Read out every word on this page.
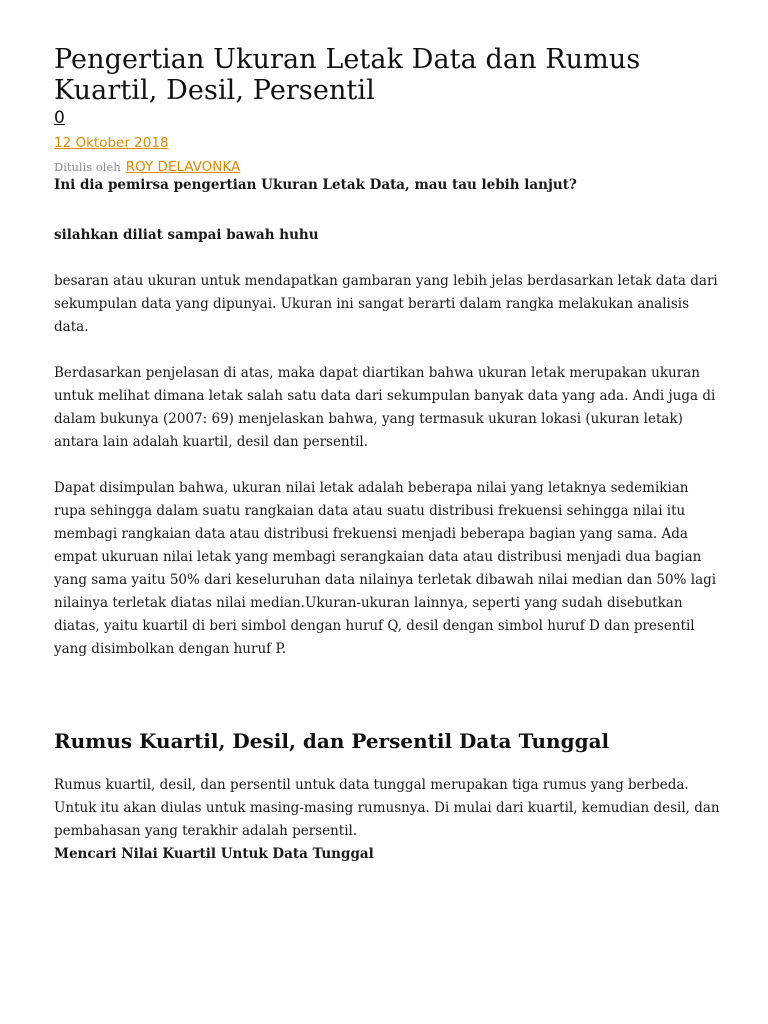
Pengertian Ukuran Letak Data dan Rumus Kuartil, Desil, Persentil
0
12 Oktober 2018
Ditulis oleh ROY DELAVONKA

Ini dia pemirsa pengertian Ukuran Letak Data, mau tau lebih lanjut?

silahkan diliat sampai bawah huhu

besaran atau ukuran untuk mendapatkan gambaran yang lebih jelas berdasarkan letak data dari sekumpulan data yang dipunyai. Ukuran ini sangat berarti dalam rangka melakukan analisis data.

Berdasarkan penjelasan di atas, maka dapat diartikan bahwa ukuran letak merupakan ukuran untuk melihat dimana letak salah satu data dari sekumpulan banyak data yang ada. Andi juga di dalam bukunya (2007: 69) menjelaskan bahwa, yang termasuk ukuran lokasi (ukuran letak) antara lain adalah kuartil, desil dan persentil.

Dapat disimpulan bahwa, ukuran nilai letak adalah beberapa nilai yang letaknya sedemikian rupa sehingga dalam suatu rangkaian data atau suatu distribusi frekuensi sehingga nilai itu membagi rangkaian data atau distribusi frekuensi menjadi beberapa bagian yang sama. Ada empat ukuruan nilai letak yang membagi serangkaian data atau distribusi menjadi dua bagian yang sama yaitu 50% dari keseluruhan data nilainya terletak dibawah nilai median dan 50% lagi nilainya terletak diatas nilai median.Ukuran-ukuran lainnya, seperti yang sudah disebutkan diatas, yaitu kuartil di beri simbol dengan huruf Q, desil dengan simbol huruf D dan presentil yang disimbolkan dengan huruf P.

Rumus Kuartil, Desil, dan Persentil Data Tunggal

Rumus kuartil, desil, dan persentil untuk data tunggal merupakan tiga rumus yang berbeda. Untuk itu akan diulas untuk masing-masing rumusnya. Di mulai dari kuartil, kemudian desil, dan pembahasan yang terakhir adalah persentil.

Mencari Nilai Kuartil Untuk Data Tunggal
